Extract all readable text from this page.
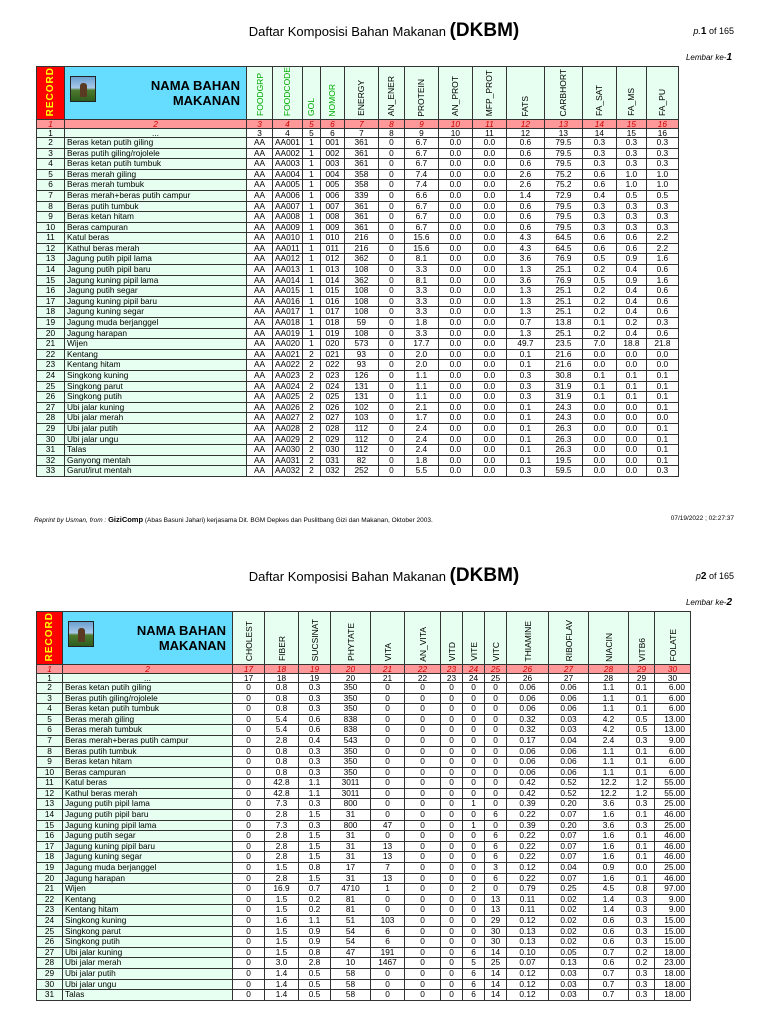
Daftar Komposisi Bahan Makanan (DKBM)	p.1 of 165
Lembar ke-1
RECORD	NAMA BAHAN
MAKANAN	FOODGRP	FOODCODE	GOL	NOMOR	ENERGY	AN_ENER	PROTEIN	AN_PROT	MFP_PROT	FATS	CARBHORT	FA_SAT	FA_MS	FA_PU
1	2	3	4	5	6	7	8	9	10	11	12	13	14	15	16
1	...	3	4	5	6	7	8	9	10	11	12	13	14	15	16
2	Beras ketan putih giling	AA	AA001	1	001	361	0	6.7	0.0	0.0	0.6	79.5	0.3	0.3	0.3
3	Beras putih giling/rojolele	AA	AA002	1	002	361	0	6.7	0.0	0.0	0.6	79.5	0.3	0.3	0.3
4	Beras ketan putih tumbuk	AA	AA003	1	003	361	0	6.7	0.0	0.0	0.6	79.5	0.3	0.3	0.3
5	Beras merah giling	AA	AA004	1	004	358	0	7.4	0.0	0.0	2.6	75.2	0.6	1.0	1.0
6	Beras merah tumbuk	AA	AA005	1	005	358	0	7.4	0.0	0.0	2.6	75.2	0.6	1.0	1.0
7	Beras merah+beras putih campur	AA	AA006	1	006	339	0	6.6	0.0	0.0	1.4	72.9	0.4	0.5	0.5
8	Beras putih tumbuk	AA	AA007	1	007	361	0	6.7	0.0	0.0	0.6	79.5	0.3	0.3	0.3
9	Beras ketan hitam	AA	AA008	1	008	361	0	6.7	0.0	0.0	0.6	79.5	0.3	0.3	0.3
10	Beras campuran	AA	AA009	1	009	361	0	6.7	0.0	0.0	0.6	79.5	0.3	0.3	0.3
11	Katul beras	AA	AA010	1	010	216	0	15.6	0.0	0.0	4.3	64.5	0.6	0.6	2.2
12	Kathul beras merah	AA	AA011	1	011	216	0	15.6	0.0	0.0	4.3	64.5	0.6	0.6	2.2
13	Jagung putih pipil lama	AA	AA012	1	012	362	0	8.1	0.0	0.0	3.6	76.9	0.5	0.9	1.6
14	Jagung putih pipil baru	AA	AA013	1	013	108	0	3.3	0.0	0.0	1.3	25.1	0.2	0.4	0.6
15	Jagung kuning pipil lama	AA	AA014	1	014	362	0	8.1	0.0	0.0	3.6	76.9	0.5	0.9	1.6
16	Jagung putih segar	AA	AA015	1	015	108	0	3.3	0.0	0.0	1.3	25.1	0.2	0.4	0.6
17	Jagung kuning pipil baru	AA	AA016	1	016	108	0	3.3	0.0	0.0	1.3	25.1	0.2	0.4	0.6
18	Jagung kuning segar	AA	AA017	1	017	108	0	3.3	0.0	0.0	1.3	25.1	0.2	0.4	0.6
19	Jagung muda berjanggel	AA	AA018	1	018	59	0	1.8	0.0	0.0	0.7	13.8	0.1	0.2	0.3
20	Jagung harapan	AA	AA019	1	019	108	0	3.3	0.0	0.0	1.3	25.1	0.2	0.4	0.6
21	Wijen	AA	AA020	1	020	573	0	17.7	0.0	0.0	49.7	23.5	7.0	18.8	21.8
22	Kentang	AA	AA021	2	021	93	0	2.0	0.0	0.0	0.1	21.6	0.0	0.0	0.0
23	Kentang hitam	AA	AA022	2	022	93	0	2.0	0.0	0.0	0.1	21.6	0.0	0.0	0.0
24	Singkong kuning	AA	AA023	2	023	126	0	1.1	0.0	0.0	0.3	30.8	0.1	0.1	0.1
25	Singkong parut	AA	AA024	2	024	131	0	1.1	0.0	0.0	0.3	31.9	0.1	0.1	0.1
26	Singkong putih	AA	AA025	2	025	131	0	1.1	0.0	0.0	0.3	31.9	0.1	0.1	0.1
27	Ubi jalar kuning	AA	AA026	2	026	102	0	2.1	0.0	0.0	0.1	24.3	0.0	0.0	0.1
28	Ubi jalar merah	AA	AA027	2	027	103	0	1.7	0.0	0.0	0.1	24.3	0.0	0.0	0.0
29	Ubi jalar putih	AA	AA028	2	028	112	0	2.4	0.0	0.0	0.1	26.3	0.0	0.0	0.1
30	Ubi jalar ungu	AA	AA029	2	029	112	0	2.4	0.0	0.0	0.1	26.3	0.0	0.0	0.1
31	Talas	AA	AA030	2	030	112	0	2.4	0.0	0.0	0.1	26.3	0.0	0.0	0.1
32	Ganyong mentah	AA	AA031	2	031	82	0	1.8	0.0	0.0	0.1	19.5	0.0	0.0	0.1
33	Garut/irut mentah	AA	AA032	2	032	252	0	5.5	0.0	0.0	0.3	59.5	0.0	0.0	0.3
Reprint by Usman, from : GiziComp (Abas Basuni Jahari) kerjasama Dit. BGM Depkes dan Puslitbang Gizi dan Makanan, Oktober 2003.	07/19/2022 ; 02:27:37
Daftar Komposisi Bahan Makanan (DKBM)	p2 of 165
Lembar ke-2
RECORD	NAMA BAHAN
MAKANAN	CHOLEST	FIBER	SUCSINAT	PHYTATE	VITA	AN_VITA	VITD	VITE	VITC	THIAMINE	RIBOFLAV	NIACIN	VITB6	FOLATE
1	2	17	18	19	20	21	22	23	24	25	26	27	28	29	30
1	...	17	18	19	20	21	22	23	24	25	26	27	28	29	30
2	Beras ketan putih giling	0	0.8	0.3	350	0	0	0	0	0	0.06	0.06	1.1	0.1	6.00
3	Beras putih giling/rojolele	0	0.8	0.3	350	0	0	0	0	0	0.06	0.06	1.1	0.1	6.00
4	Beras ketan putih tumbuk	0	0.8	0.3	350	0	0	0	0	0	0.06	0.06	1.1	0.1	6.00
5	Beras merah giling	0	5.4	0.6	838	0	0	0	0	0	0.32	0.03	4.2	0.5	13.00
6	Beras merah tumbuk	0	5.4	0.6	838	0	0	0	0	0	0.32	0.03	4.2	0.5	13.00
7	Beras merah+beras putih campur	0	2.8	0.4	543	0	0	0	0	0	0.17	0.04	2.4	0.3	9.00
8	Beras putih tumbuk	0	0.8	0.3	350	0	0	0	0	0	0.06	0.06	1.1	0.1	6.00
9	Beras ketan hitam	0	0.8	0.3	350	0	0	0	0	0	0.06	0.06	1.1	0.1	6.00
10	Beras campuran	0	0.8	0.3	350	0	0	0	0	0	0.06	0.06	1.1	0.1	6.00
11	Katul beras	0	42.8	1.1	3011	0	0	0	0	0	0.42	0.52	12.2	1.2	55.00
12	Kathul beras merah	0	42.8	1.1	3011	0	0	0	0	0	0.42	0.52	12.2	1.2	55.00
13	Jagung putih pipil lama	0	7.3	0.3	800	0	0	0	1	0	0.39	0.20	3.6	0.3	25.00
14	Jagung putih pipil baru	0	2.8	1.5	31	0	0	0	0	6	0.22	0.07	1.6	0.1	46.00
15	Jagung kuning pipil lama	0	7.3	0.3	800	47	0	0	1	0	0.39	0.20	3.6	0.3	25.00
16	Jagung putih segar	0	2.8	1.5	31	0	0	0	0	6	0.22	0.07	1.6	0.1	46.00
17	Jagung kuning pipil baru	0	2.8	1.5	31	13	0	0	0	6	0.22	0.07	1.6	0.1	46.00
18	Jagung kuning segar	0	2.8	1.5	31	13	0	0	0	6	0.22	0.07	1.6	0.1	46.00
19	Jagung muda berjanggel	0	1.5	0.8	17	7	0	0	0	3	0.12	0.04	0.9	0.0	25.00
20	Jagung harapan	0	2.8	1.5	31	13	0	0	0	6	0.22	0.07	1.6	0.1	46.00
21	Wijen	0	16.9	0.7	4710	1	0	0	2	0	0.79	0.25	4.5	0.8	97.00
22	Kentang	0	1.5	0.2	81	0	0	0	0	13	0.11	0.02	1.4	0.3	9.00
23	Kentang hitam	0	1.5	0.2	81	0	0	0	0	13	0.11	0.02	1.4	0.3	9.00
24	Singkong kuning	0	1.6	1.1	51	103	0	0	0	29	0.12	0.02	0.6	0.3	15.00
25	Singkong parut	0	1.5	0.9	54	6	0	0	0	30	0.13	0.02	0.6	0.3	15.00
26	Singkong putih	0	1.5	0.9	54	6	0	0	0	30	0.13	0.02	0.6	0.3	15.00
27	Ubi jalar kuning	0	1.5	0.8	47	191	0	0	6	14	0.10	0.05	0.7	0.2	18.00
28	Ubi jalar merah	0	3.0	2.8	10	1467	0	0	5	25	0.07	0.13	0.6	0.2	23.00
29	Ubi jalar putih	0	1.4	0.5	58	0	0	0	6	14	0.12	0.03	0.7	0.3	18.00
30	Ubi jalar ungu	0	1.4	0.5	58	0	0	0	6	14	0.12	0.03	0.7	0.3	18.00
31	Talas	0	1.4	0.5	58	0	0	0	6	14	0.12	0.03	0.7	0.3	18.00
